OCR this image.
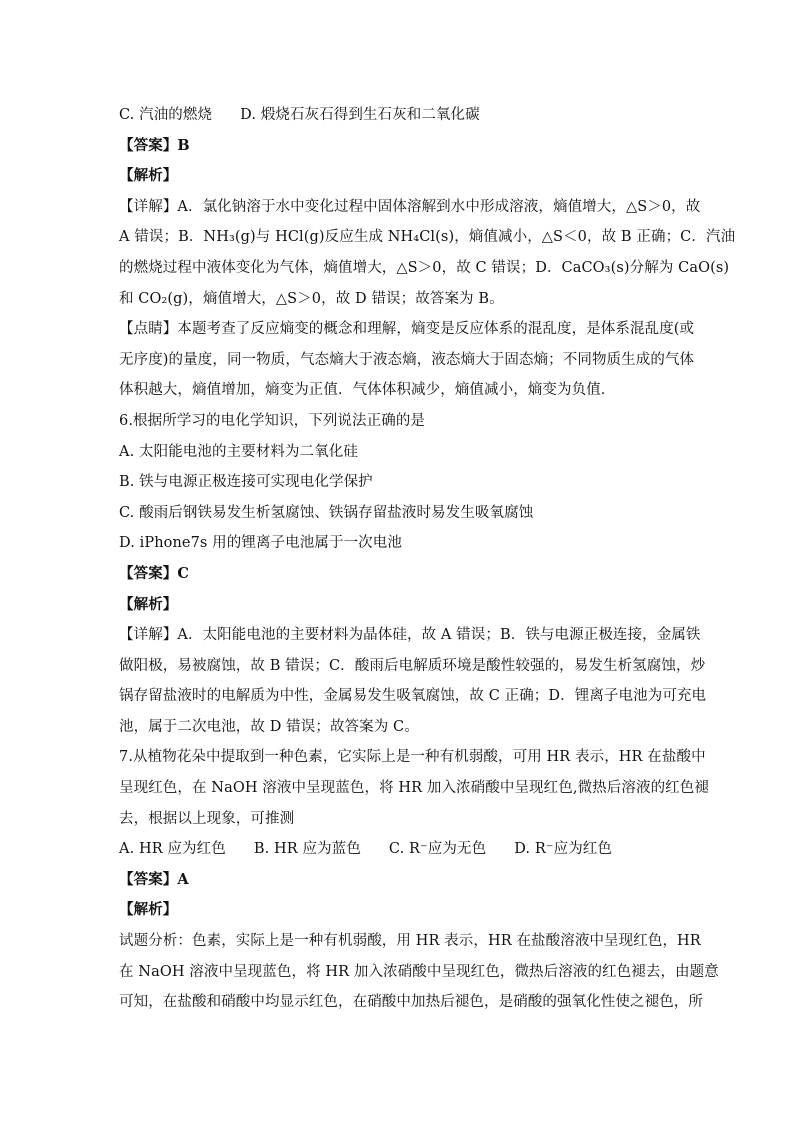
C. 汽油的燃烧 D. 煅烧石灰石得到生石灰和二氧化碳
【答案】B
【解析】
【详解】A．氯化钠溶于水中变化过程中固体溶解到水中形成溶液，熵值增大，△S＞0，故
A 错误；B．NH₃(g)与 HCl(g)反应生成 NH₄Cl(s)，熵值减小，△S＜0，故 B 正确；C．汽油
的燃烧过程中液体变化为气体，熵值增大，△S＞0，故 C 错误；D．CaCO₃(s)分解为 CaO(s)
和 CO₂(g)，熵值增大，△S＞0，故 D 错误；故答案为 B。
【点睛】本题考查了反应熵变的概念和理解，熵变是反应体系的混乱度，是体系混乱度(或
无序度)的量度，同一物质，气态熵大于液态熵，液态熵大于固态熵；不同物质生成的气体
体积越大，熵值增加，熵变为正值．气体体积减少，熵值减小，熵变为负值．
6.根据所学习的电化学知识，下列说法正确的是
A. 太阳能电池的主要材料为二氧化硅
B. 铁与电源正极连接可实现电化学保护
C. 酸雨后钢铁易发生析氢腐蚀、铁锅存留盐液时易发生吸氧腐蚀
D. iPhone7s 用的锂离子电池属于一次电池
【答案】C
【解析】
【详解】A．太阳能电池的主要材料为晶体硅，故 A 错误；B．铁与电源正极连接，金属铁
做阳极，易被腐蚀，故 B 错误；C．酸雨后电解质环境是酸性较强的，易发生析氢腐蚀，炒
锅存留盐液时的电解质为中性，金属易发生吸氧腐蚀，故 C 正确；D．锂离子电池为可充电
池，属于二次电池，故 D 错误；故答案为 C。
7.从植物花朵中提取到一种色素，它实际上是一种有机弱酸，可用 HR 表示，HR 在盐酸中
呈现红色，在 NaOH 溶液中呈现蓝色，将 HR 加入浓硝酸中呈现红色,微热后溶液的红色褪
去，根据以上现象，可推测
A. HR 应为红色 B. HR 应为蓝色 C. R⁻应为无色 D. R⁻应为红色
【答案】A
【解析】
试题分析：色素，实际上是一种有机弱酸，用 HR 表示，HR 在盐酸溶液中呈现红色，HR
在 NaOH 溶液中呈现蓝色，将 HR 加入浓硝酸中呈现红色，微热后溶液的红色褪去，由题意
可知，在盐酸和硝酸中均显示红色，在硝酸中加热后褪色，是硝酸的强氧化性使之褪色，所
